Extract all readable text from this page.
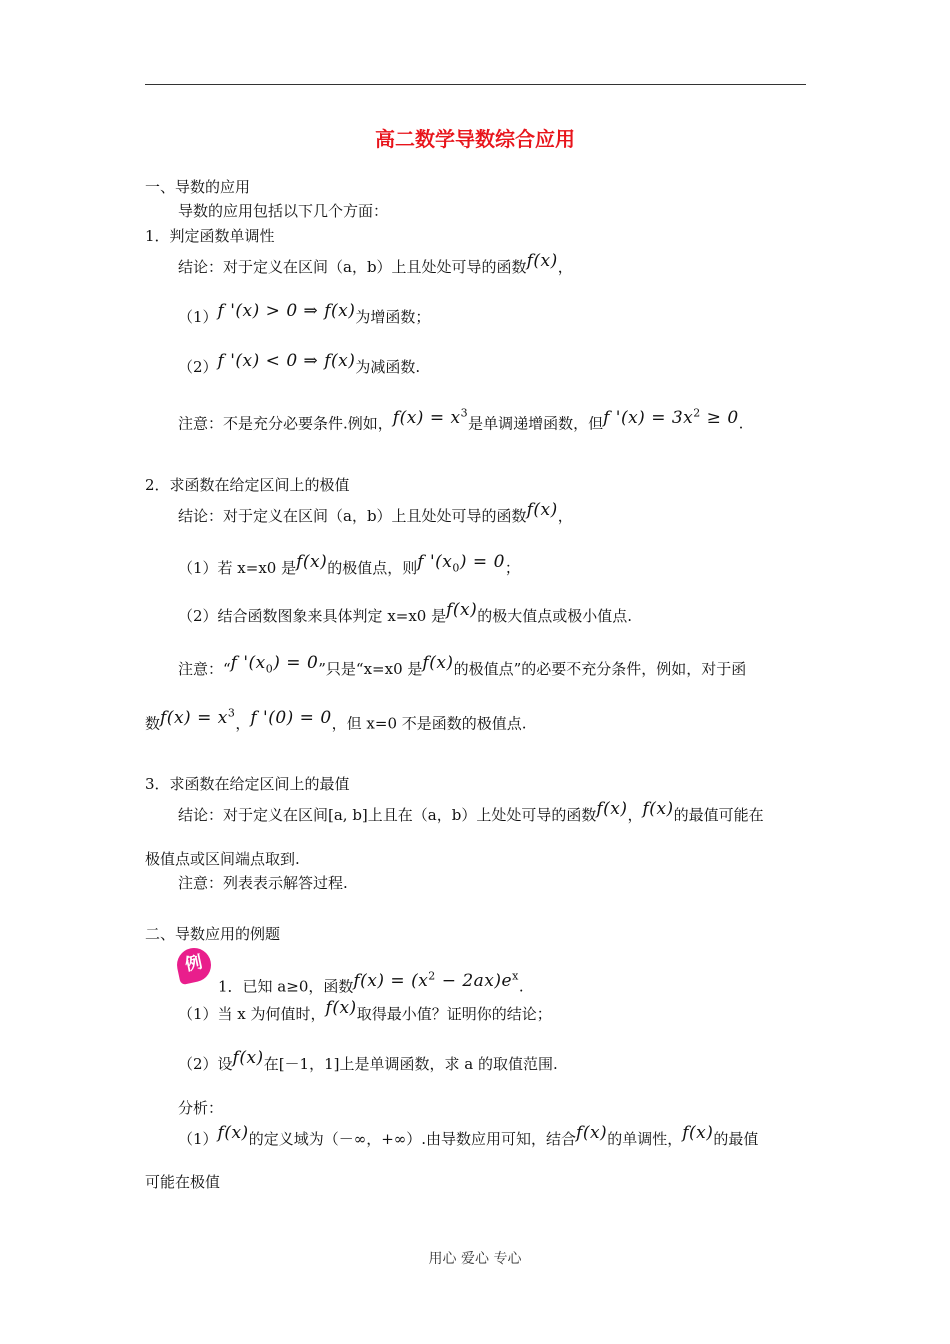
高二数学导数综合应用
一、导数的应用
导数的应用包括以下几个方面：
1．判定函数单调性
结论：对于定义在区间（a，b）上且处处可导的函数f(x)，
（1）f '(x) > 0 ⇒ f(x)为增函数；
（2）f '(x) < 0 ⇒ f(x)为减函数.
注意：不是充分必要条件.例如，$f(x) = x^3$是单调递增函数，但f '$(x) = 3x^2 \ge 0$.
2．求函数在给定区间上的极值
结论：对于定义在区间（a，b）上且处处可导的函数f(x)，
（1）若 x=x0 是f(x)的极值点，则f '$(x_0) = 0$；
（2）结合函数图象来具体判定 x=x0 是f(x)的极大值点或极小值点.
注意：“f '$(x_0) = 0$”只是“x=x0 是f(x)的极值点”的必要不充分条件，例如，对于函
数$f(x) = x^3$，f '(0) = 0，但 x=0 不是函数的极值点.
3．求函数在给定区间上的最值
结论：对于定义在区间[a, b]上且在（a，b）上处处可导的函数f(x)，f(x)的最值可能在
极值点或区间端点取到.
注意：列表表示解答过程.
二、导数应用的例题
例
1．已知 a≥0，函数$f(x) = (x^2 - 2ax)e^x$.
（1）当 x 为何值时，f(x)取得最小值？证明你的结论；
（2）设f(x)在[－1，1]上是单调函数，求 a 的取值范围.
分析：
（1）f(x)的定义域为（－∞，+∞）.由导数应用可知，结合f(x)的单调性，f(x)的最值
可能在极值
用心 爱心 专心
